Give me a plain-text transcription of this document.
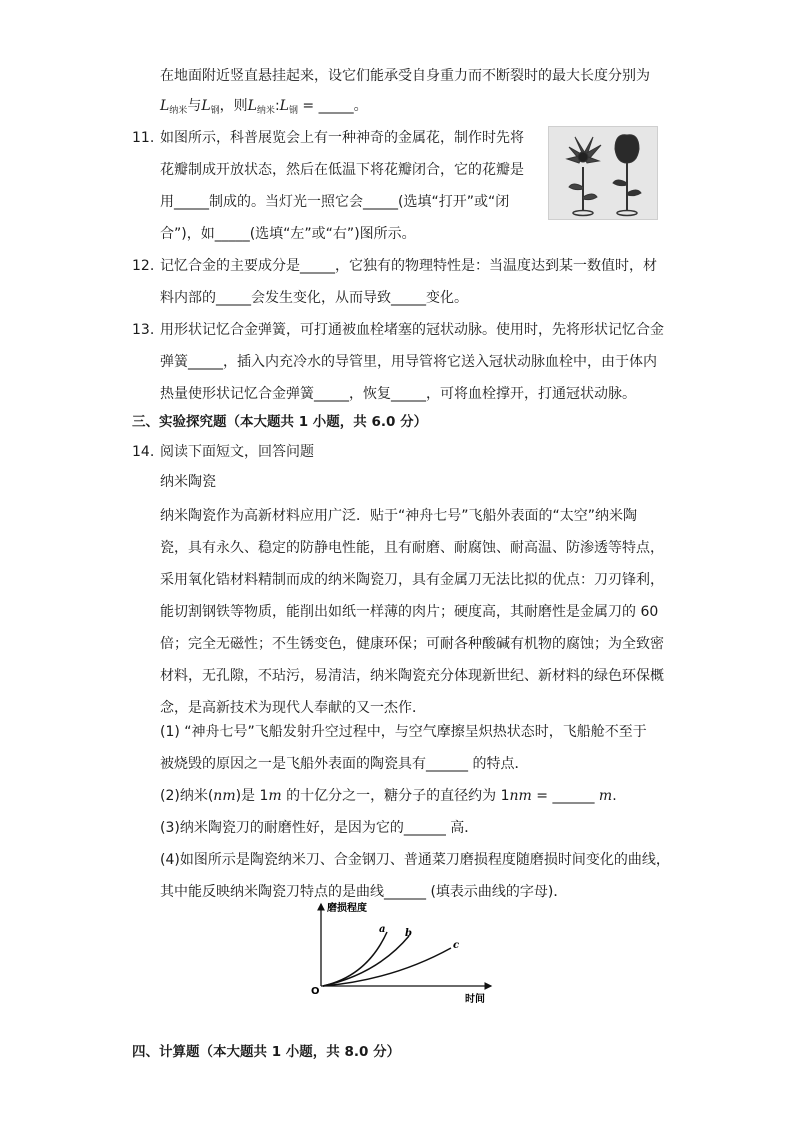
在地面附近竖直悬挂起来，设它们能承受自身重力而不断裂时的最大长度分别为
$L_{纳米}$与$L_钢$，则$L_{纳米}:L_钢$ = _____。
11. 如图所示，科普展览会上有一种神奇的金属花，制作时先将
花瓣制成开放状态，然后在低温下将花瓣闭合，它的花瓣是
用_____制成的。当灯光一照它会_____(选填“打开”或“闭
合”)，如_____(选填“左”或“右”)图所示。
12. 记忆合金的主要成分是_____，它独有的物理特性是：当温度达到某一数值时，材
料内部的_____会发生变化，从而导致_____变化。
13. 用形状记忆合金弹簧，可打通被血栓堵塞的冠状动脉。使用时，先将形状记忆合金
弹簧_____，插入内充冷水的导管里，用导管将它送入冠状动脉血栓中，由于体内
热量使形状记忆合金弹簧_____，恢复_____，可将血栓撑开，打通冠状动脉。
三、实验探究题（本大题共 1 小题，共 6.0 分）
14. 阅读下面短文，回答问题
纳米陶瓷
纳米陶瓷作为高新材料应用广泛．贴于“神舟七号”飞船外表面的“太空”纳米陶
瓷，具有永久、稳定的防静电性能，且有耐磨、耐腐蚀、耐高温、防渗透等特点，
采用氧化锆材料精制而成的纳米陶瓷刀，具有金属刀无法比拟的优点：刀刃锋利，
能切割钢铁等物质，能削出如纸一样薄的肉片；硬度高，其耐磨性是金属刀的 60
倍；完全无磁性；不生锈变色，健康环保；可耐各种酸碱有机物的腐蚀；为全致密
材料，无孔隙，不玷污，易清洁，纳米陶瓷充分体现新世纪、新材料的绿色环保概
念，是高新技术为现代人奉献的又一杰作．
(1) “神舟七号”飞船发射升空过程中，与空气摩擦呈炽热状态时，飞船舱不至于
被烧毁的原因之一是飞船外表面的陶瓷具有______ 的特点．
(2)纳米(nm)是 1m 的十亿分之一，糖分子的直径约为 1nm = ______ m.
(3)纳米陶瓷刀的耐磨性好，是因为它的______ 高．
(4)如图所示是陶瓷纳米刀、合金钢刀、普通菜刀磨损程度随磨损时间变化的曲线，
其中能反映纳米陶瓷刀特点的是曲线______ (填表示曲线的字母)．
磨损程度
时间
O
a b
c
四、计算题（本大题共 1 小题，共 8.0 分）
